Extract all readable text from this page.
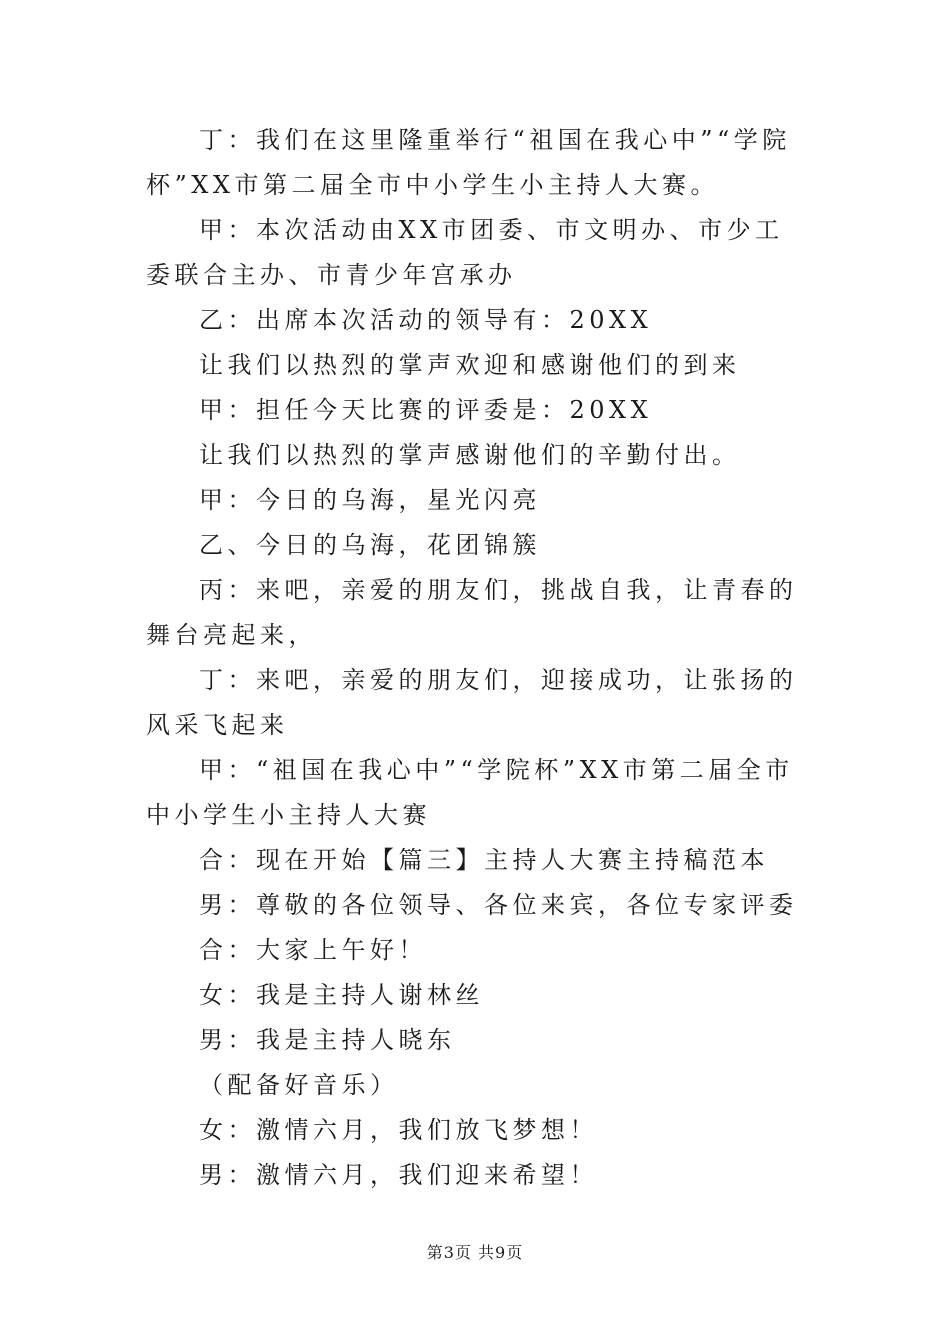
丁：我们在这里隆重举行“祖国在我心中”“学院杯”XX市第二届全市中小学生小主持人大赛。

甲：本次活动由XX市团委、市文明办、市少工委联合主办、市青少年宫承办

乙：出席本次活动的领导有：20XX

让我们以热烈的掌声欢迎和感谢他们的到来

甲：担任今天比赛的评委是：20XX

让我们以热烈的掌声感谢他们的辛勤付出。

甲：今日的乌海，星光闪亮

乙、今日的乌海，花团锦簇

丙：来吧，亲爱的朋友们，挑战自我，让青春的舞台亮起来，

丁：来吧，亲爱的朋友们，迎接成功，让张扬的风采飞起来

甲：“祖国在我心中”“学院杯”XX市第二届全市中小学生小主持人大赛

合：现在开始【篇三】主持人大赛主持稿范本

男：尊敬的各位领导、各位来宾，各位专家评委

合：大家上午好！

女：我是主持人谢林丝

男：我是主持人晓东

（配备好音乐）

女：激情六月，我们放飞梦想！

男：激情六月，我们迎来希望！

第3页 共9页
